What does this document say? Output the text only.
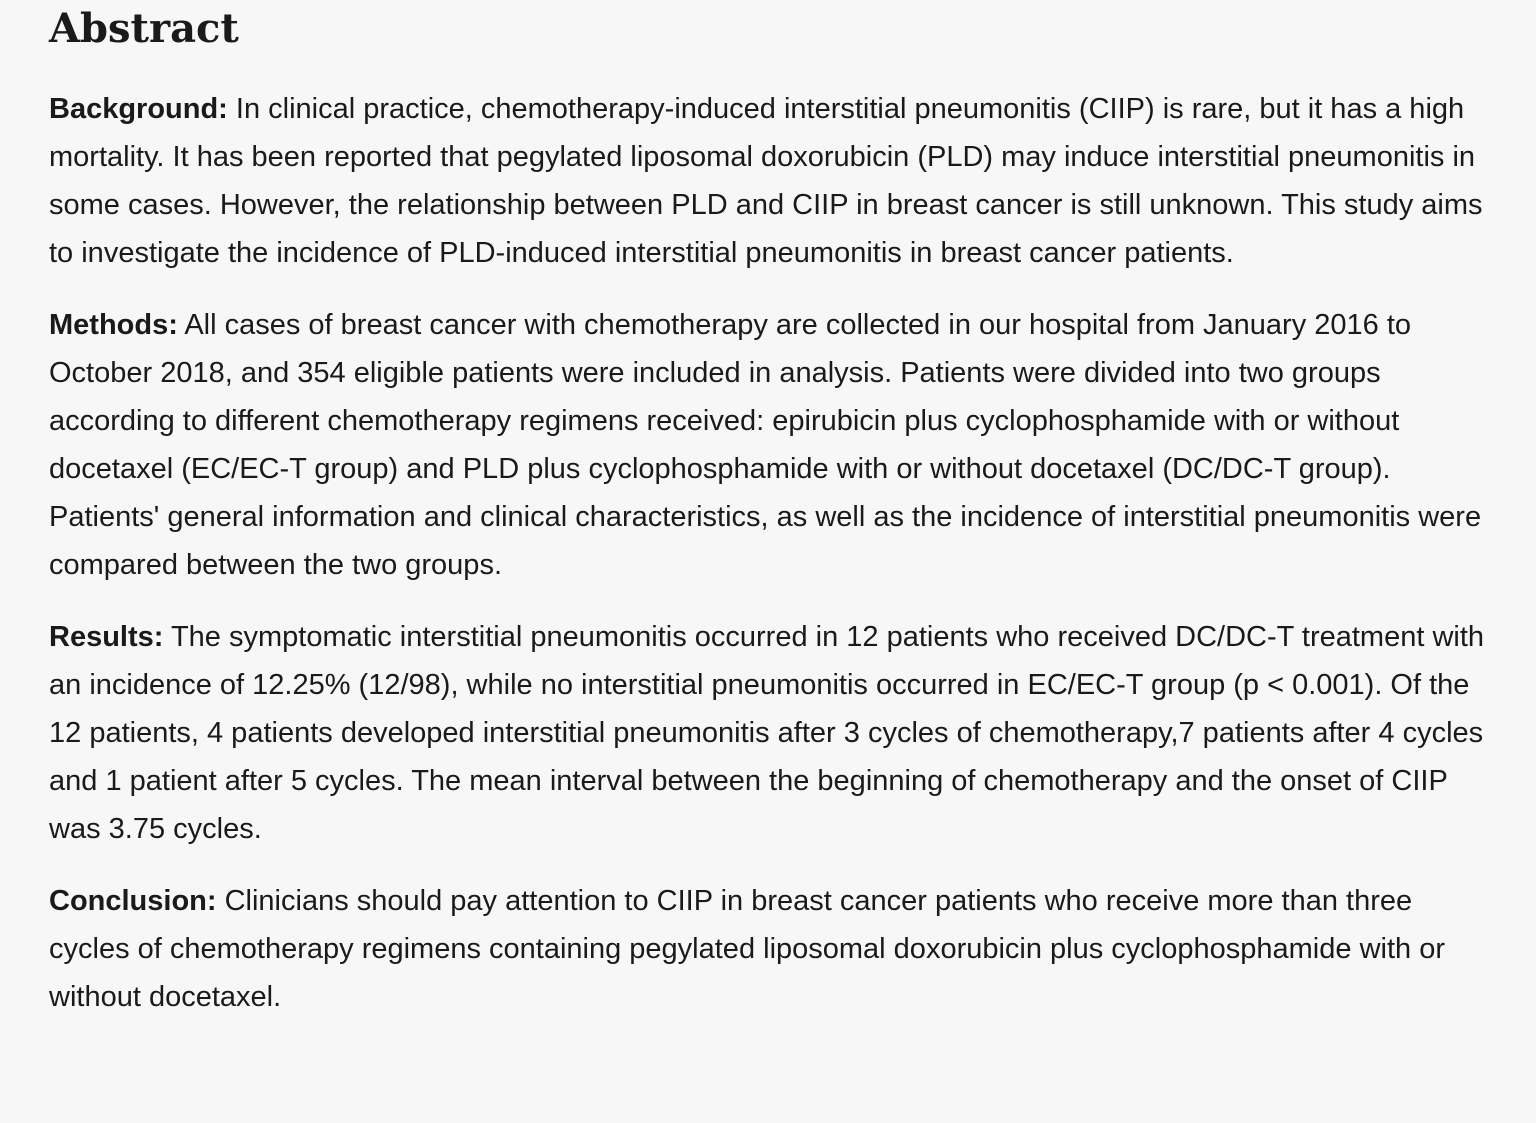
Abstract

Background: In clinical practice, chemotherapy-induced interstitial pneumonitis (CIIP) is rare, but it has a high mortality. It has been reported that pegylated liposomal doxorubicin (PLD) may induce interstitial pneumonitis in some cases. However, the relationship between PLD and CIIP in breast cancer is still unknown. This study aims to investigate the incidence of PLD-induced interstitial pneumonitis in breast cancer patients.

Methods: All cases of breast cancer with chemotherapy are collected in our hospital from January 2016 to October 2018, and 354 eligible patients were included in analysis. Patients were divided into two groups according to different chemotherapy regimens received: epirubicin plus cyclophosphamide with or without docetaxel (EC/EC-T group) and PLD plus cyclophosphamide with or without docetaxel (DC/DC-T group). Patients' general information and clinical characteristics, as well as the incidence of interstitial pneumonitis were compared between the two groups.

Results: The symptomatic interstitial pneumonitis occurred in 12 patients who received DC/DC-T treatment with an incidence of 12.25% (12/98), while no interstitial pneumonitis occurred in EC/EC-T group (p < 0.001). Of the 12 patients, 4 patients developed interstitial pneumonitis after 3 cycles of chemotherapy,7 patients after 4 cycles and 1 patient after 5 cycles. The mean interval between the beginning of chemotherapy and the onset of CIIP was 3.75 cycles.

Conclusion: Clinicians should pay attention to CIIP in breast cancer patients who receive more than three cycles of chemotherapy regimens containing pegylated liposomal doxorubicin plus cyclophosphamide with or without docetaxel.
